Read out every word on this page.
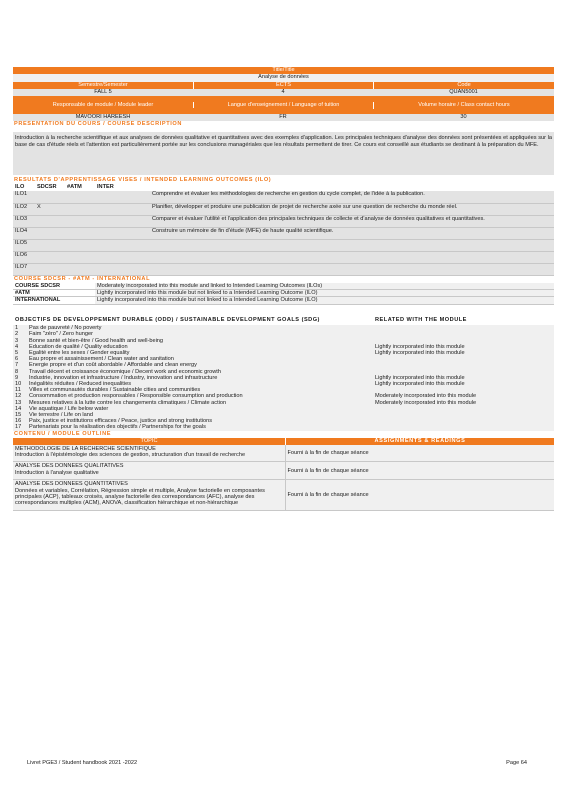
Title/Title
Analyse de données
Semestre/Semester	ECTS	Code
FALL 5	4	QUAN5001
Responsable de module / Module leader	Langue d'enseignement / Language of tuition	Volume horaire / Class contact hours
MAVOORI HAREESH	FR	30
PRESENTATION DU COURS / COURSE DESCRIPTION
Introduction à la recherche scientifique et aux analyses de données qualitative et quantitatives avec des exemples d'application. Les principales techniques d'analyse des données sont présentées et appliquées sur la base de cas d'étude réels et l'attention est particulièrement portée sur les conclusions managériales que les résultats permettent de tirer. Ce cours est conseillé aux étudiants se destinant à la préparation du MFE.
RESULTATS D'APPRENTISSAGE VISES / INTENDED LEARNING OUTCOMES (ILO)
ILO	SDCSR	#ATM	INTER
ILO1				Comprendre et évaluer les méthodologies de recherche en gestion du cycle complet, de l'idée à la publication.
ILO2	X			Planifier, développer et produire une publication de projet de recherche axée sur une question de recherche du monde réel.
ILO3				Comparer et évaluer l'utilité et l'application des principales techniques de collecte et d'analyse de données qualitatives et quantitatives.
ILO4				Construire un mémoire de fin d'étude (MFE) de haute qualité scientifique.
ILO5				
ILO6				
ILO7				
COURSE SDCSR - #ATM - INTERNATIONAL
COURSE SDCSR	Moderately incorporated into this module and linked to Intended Learning Outcomes (ILOs)
#ATM	Lightly incorporated into this module but not linked to a Intended Learning Outcome (ILO)
INTERNATIONAL	Lightly incorporated into this module but not linked to a Intended Learning Outcome (ILO)
OBJECTIFS DE DEVELOPPEMENT DURABLE (ODD) / SUSTAINABLE DEVELOPMENT GOALS (SDG)	RELATED WITH THE MODULE
1	Pas de pauvreté / No poverty	
2	Faim "zéro" / Zero hunger	
3	Bonne santé et bien-être / Good health and well-being	
4	Education de qualité / Quality education	Lightly incorporated into this module
5	Egalité entre les sexes / Gender equality	Lightly incorporated into this module
6	Eau propre et assainissement / Clean water and sanitation	
7	Energie propre et d'un coût abordable / Affordable and clean energy	
8	Travail décent et croissance économique / Decent work and economic growth	
9	Industrie, innovation et infrastructure / Industry, innovation and infrastructure	Lightly incorporated into this module
10	Inégalités réduites / Reduced inequalities	Lightly incorporated into this module
11	Villes et communautés durables / Sustainable cities and communities	
12	Consommation et production responsables / Responsible consumption and production	Moderately incorporated into this module
13	Mesures relatives à la lutte contre les changements climatiques / Climate action	Moderately incorporated into this module
14	Vie aquatique / Life below water	
15	Vie terrestre / Life on land	
16	Paix, justice et institutions efficaces / Peace, justice and strong institutions	
17	Partenariats pour la réalisation des objectifs / Partnerships for the goals	
CONTENU / MODULE OUTLINE
TOPIC	ASSIGNMENTS & READINGS
METHODOLOGIE DE LA RECHERCHE SCIENTIFIQUE
Introduction à l'épistémologie des sciences de gestion, structuration d'un travail de recherche	Fourni à la fin de chaque séance
ANALYSE DES DONNEES QUALITATIVES
Introduction à l'analyse qualitative	Fourni à la fin de chaque séance
ANALYSE DES DONNEES QUANTITATIVES
Données et variables, Corrélation, Régression simple et multiple, Analyse factorielle en composantes principales (ACP), tableaux croisés, analyse factorielle des correspondances (AFC), analyse des correspondances multiples (ACM), ANOVA, classification hiérarchique et non-hiérarchique	Fourni à la fin de chaque séance
Livret PGE3 / Student handbook 2021 -2022	Page 64
